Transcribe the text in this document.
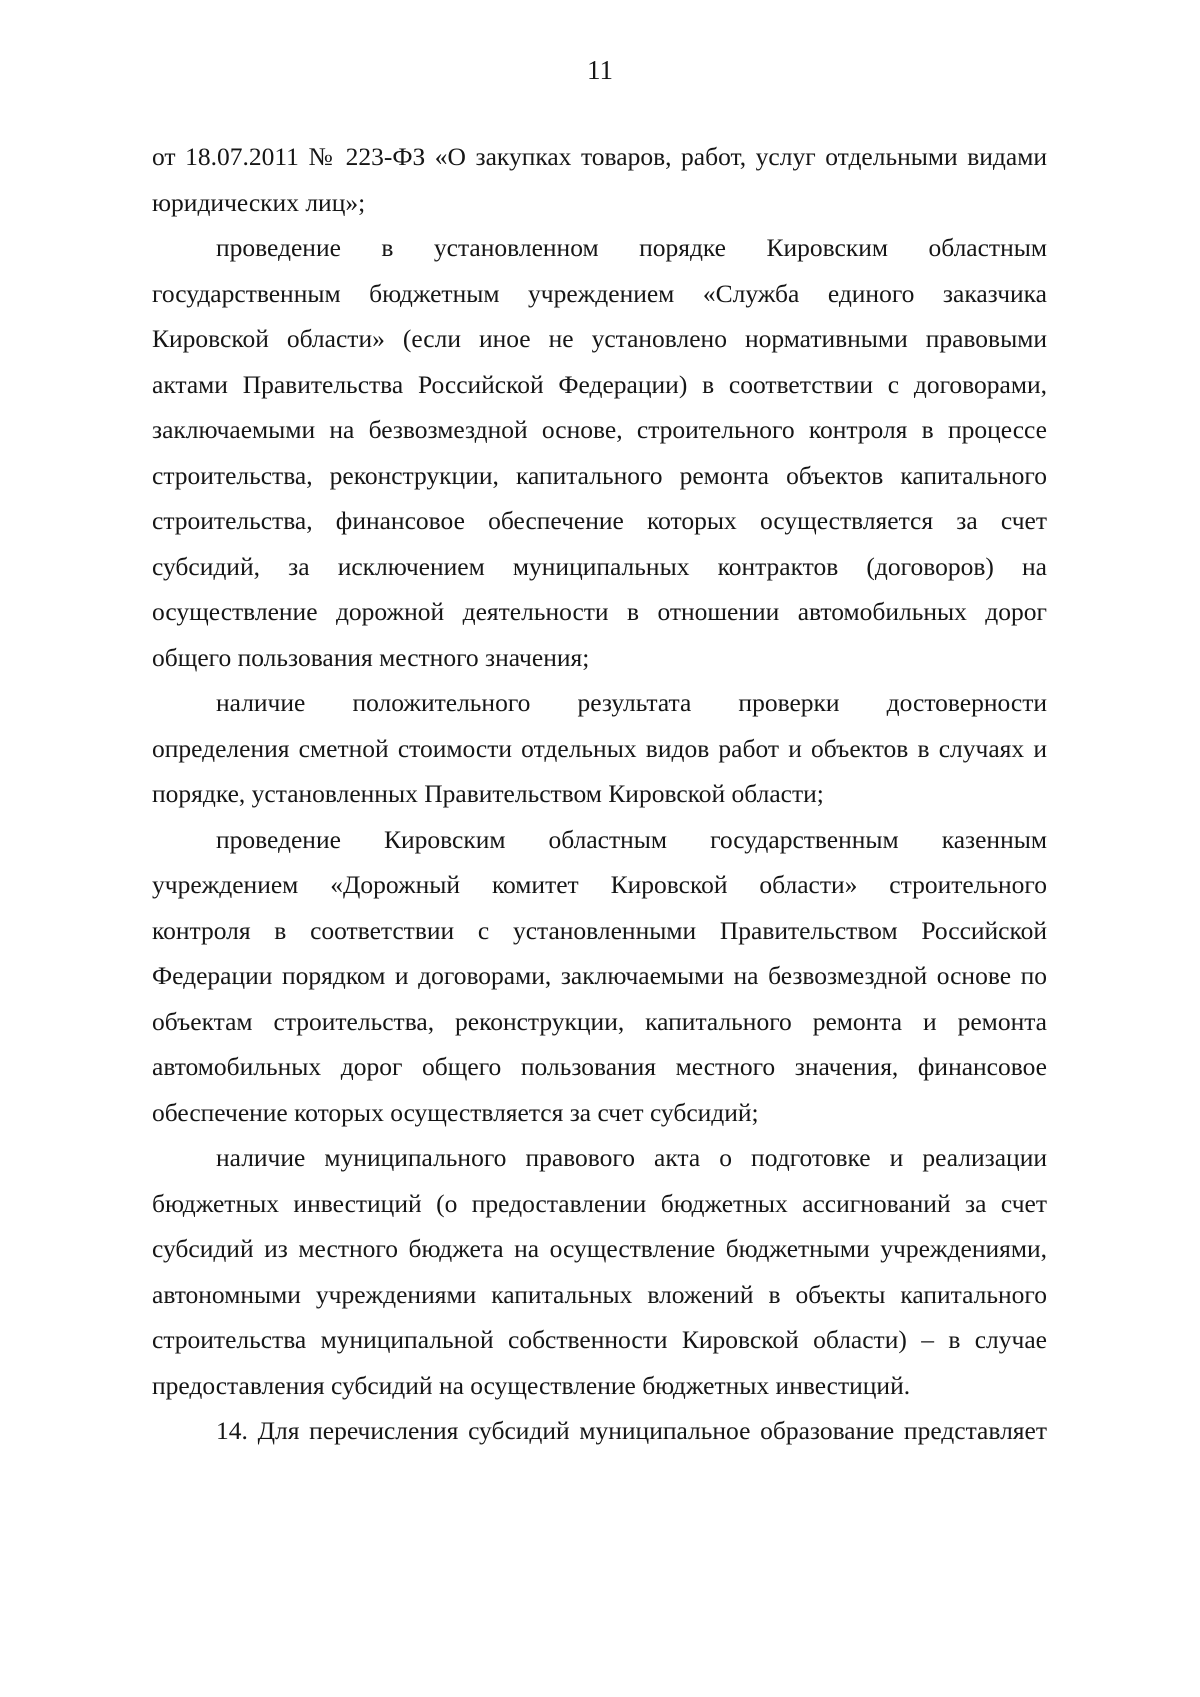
11
от 18.07.2011 № 223-ФЗ «О закупках товаров, работ, услуг отдельными видами
юридических лиц»;
проведение в установленном порядке Кировским областным
государственным бюджетным учреждением «Служба единого заказчика
Кировской области» (если иное не установлено нормативными правовыми
актами Правительства Российской Федерации) в соответствии с договорами,
заключаемыми на безвозмездной основе, строительного контроля в процессе
строительства, реконструкции, капитального ремонта объектов капитального
строительства, финансовое обеспечение которых осуществляется за счет
субсидий, за исключением муниципальных контрактов (договоров) на
осуществление дорожной деятельности в отношении автомобильных дорог
общего пользования местного значения;
наличие положительного результата проверки достоверности
определения сметной стоимости отдельных видов работ и объектов в случаях и
порядке, установленных Правительством Кировской области;
проведение Кировским областным государственным казенным
учреждением «Дорожный комитет Кировской области» строительного
контроля в соответствии с установленными Правительством Российской
Федерации порядком и договорами, заключаемыми на безвозмездной основе по
объектам строительства, реконструкции, капитального ремонта и ремонта
автомобильных дорог общего пользования местного значения, финансовое
обеспечение которых осуществляется за счет субсидий;
наличие муниципального правового акта о подготовке и реализации
бюджетных инвестиций (о предоставлении бюджетных ассигнований за счет
субсидий из местного бюджета на осуществление бюджетными учреждениями,
автономными учреждениями капитальных вложений в объекты капитального
строительства муниципальной собственности Кировской области) – в случае
предоставления субсидий на осуществление бюджетных инвестиций.
14. Для перечисления субсидий муниципальное образование представляет
